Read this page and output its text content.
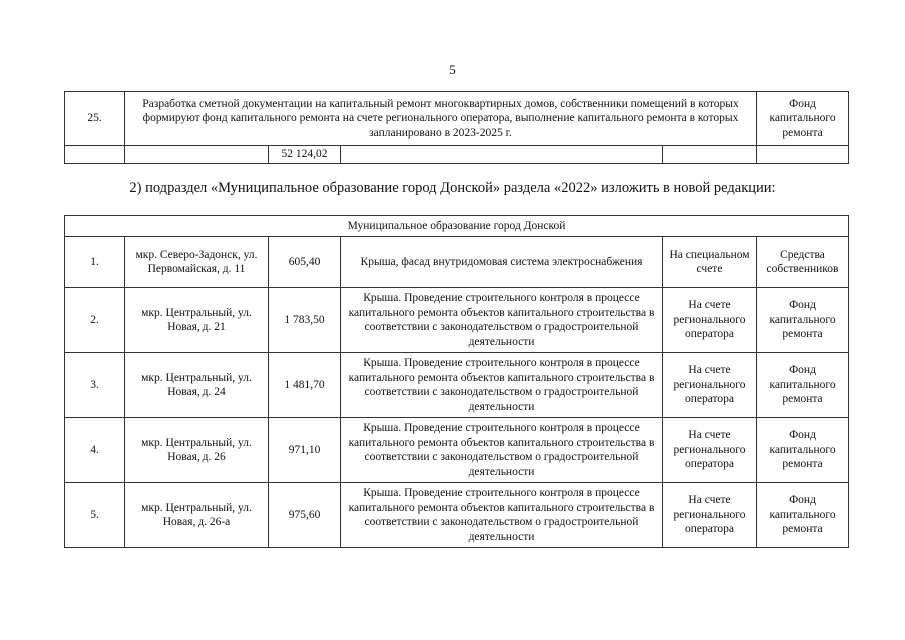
5
25.	Разработка сметной документации на капитальный ремонт многоквартирных домов, собственники помещений в которых формируют фонд капитального ремонта на счете регионального оператора, выполнение капитального ремонта в которых запланировано в 2023-2025 г.				Фонд капитального ремонта
		52 124,02			
2) подраздел «Муниципальное образование город Донской» раздела «2022» изложить в новой редакции:
Муниципальное образование город Донской					
1.	мкр. Северо-Задонск, ул. Первомайская, д. 11	605,40	Крыша, фасад внутридомовая система электроснабжения	На специальном счете	Средства собственников
2.	мкр. Центральный, ул. Новая, д. 21	1 783,50	Крыша. Проведение строительного контроля в процессе капитального ремонта объектов капитального строительства в соответствии с законодательством о градостроительной деятельности	На счете регионального оператора	Фонд капитального ремонта
3.	мкр. Центральный, ул. Новая, д. 24	1 481,70	Крыша. Проведение строительного контроля в процессе капитального ремонта объектов капитального строительства в соответствии с законодательством о градостроительной деятельности	На счете регионального оператора	Фонд капитального ремонта
4.	мкр. Центральный, ул. Новая, д. 26	971,10	Крыша. Проведение строительного контроля в процессе капитального ремонта объектов капитального строительства в соответствии с законодательством о градостроительной деятельности	На счете регионального оператора	Фонд капитального ремонта
5.	мкр. Центральный, ул. Новая, д. 26-а	975,60	Крыша. Проведение строительного контроля в процессе капитального ремонта объектов капитального строительства в соответствии с законодательством о градостроительной деятельности	На счете регионального оператора	Фонд капитального ремонта
